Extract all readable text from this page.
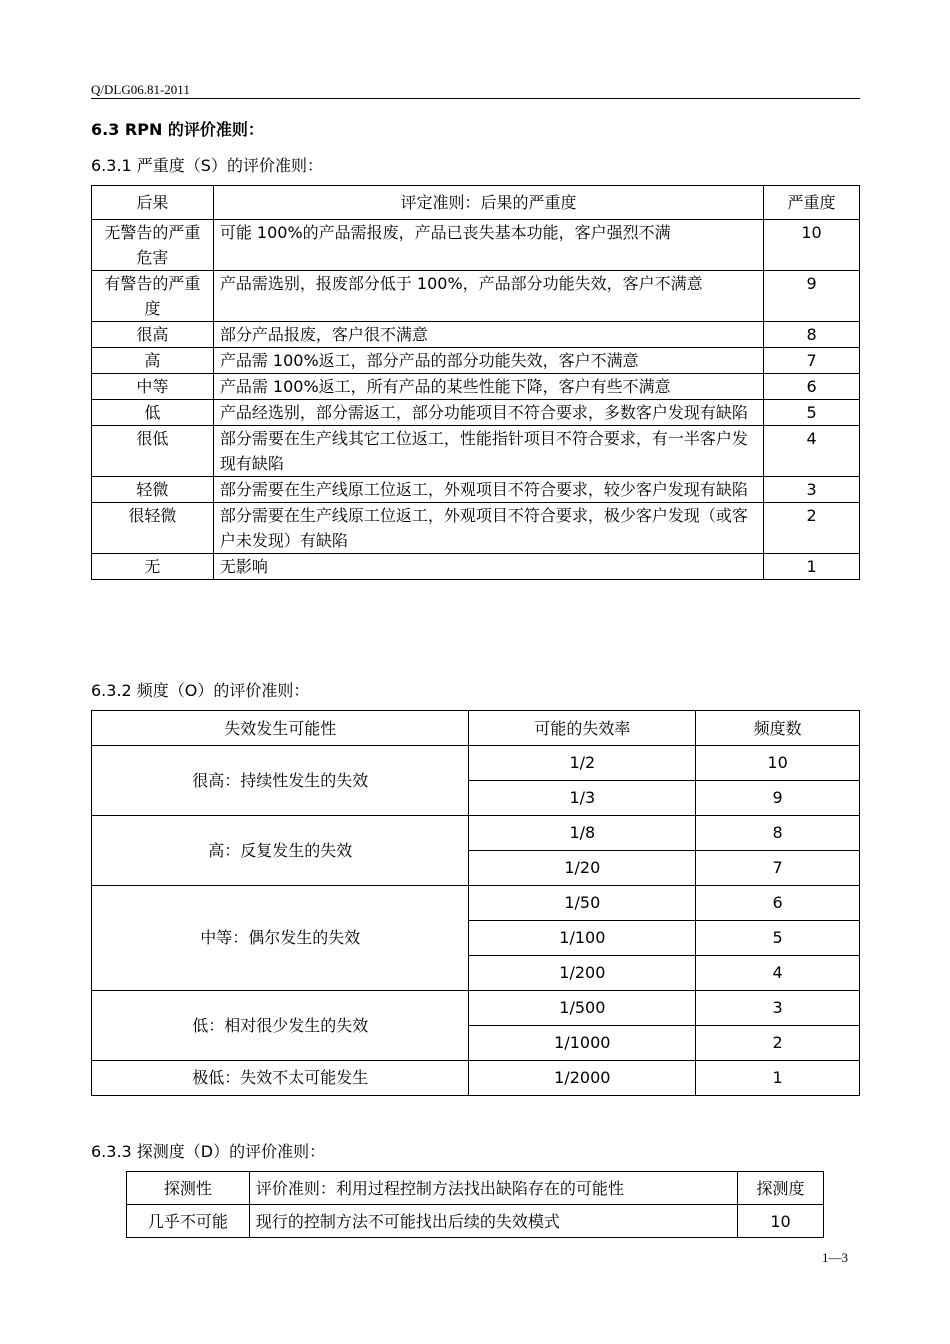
Q/DLG06.81-2011
6.3 RPN 的评价准则：
6.3.1 严重度（S）的评价准则：
后果	评定准则：后果的严重度	严重度
无警告的严重危害	可能 100%的产品需报废，产品已丧失基本功能，客户强烈不满	10
有警告的严重度	产品需选别，报废部分低于 100%，产品部分功能失效，客户不满意	9
很高	部分产品报废，客户很不满意	8
高	产品需 100%返工，部分产品的部分功能失效，客户不满意	7
中等	产品需 100%返工，所有产品的某些性能下降，客户有些不满意	6
低	产品经选别，部分需返工，部分功能项目不符合要求，多数客户发现有缺陷	5
很低	部分需要在生产线其它工位返工，性能指针项目不符合要求，有一半客户发现有缺陷	4
轻微	部分需要在生产线原工位返工，外观项目不符合要求，较少客户发现有缺陷	3
很轻微	部分需要在生产线原工位返工，外观项目不符合要求，极少客户发现（或客户未发现）有缺陷	2
无	无影响	1
6.3.2 频度（O）的评价准则：
失效发生可能性	可能的失效率	频度数
很高：持续性发生的失效	1/2	10
	1/3	9
高：反复发生的失效	1/8	8
	1/20	7
中等：偶尔发生的失效	1/50	6
	1/100	5
	1/200	4
低：相对很少发生的失效	1/500	3
	1/1000	2
极低：失效不太可能发生	1/2000	1
6.3.3 探测度（D）的评价准则：
探测性	评价准则：利用过程控制方法找出缺陷存在的可能性	探测度
几乎不可能	现行的控制方法不可能找出后续的失效模式	10
1—3
